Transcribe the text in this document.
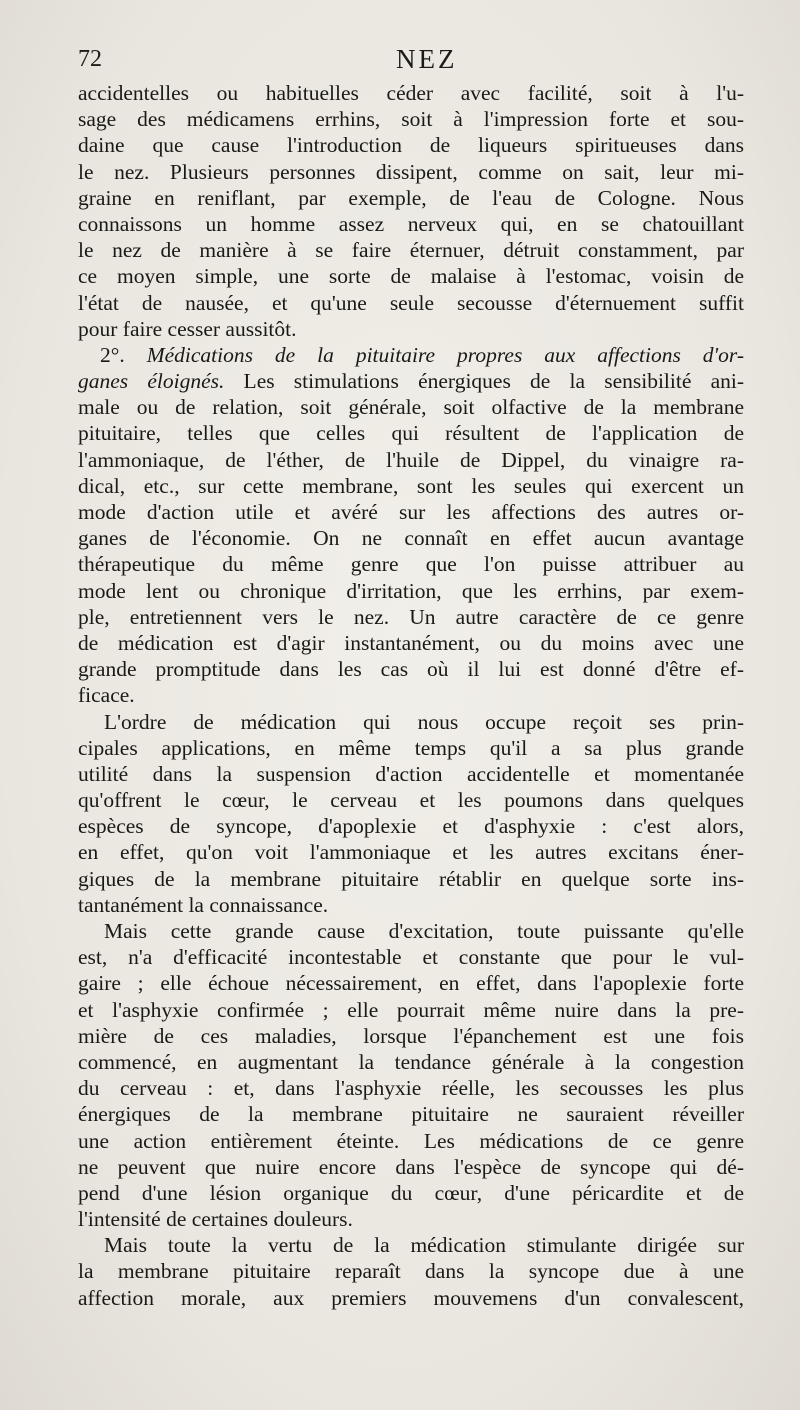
72	NEZ
accidentelles ou habituelles céder avec facilité, soit à l'u-
sage des médicamens errhins, soit à l'impression forte et sou-
daine que cause l'introduction de liqueurs spiritueuses dans
le nez. Plusieurs personnes dissipent, comme on sait, leur mi-
graine en reniflant, par exemple, de l'eau de Cologne. Nous
connaissons un homme assez nerveux qui, en se chatouillant
le nez de manière à se faire éternuer, détruit constamment, par
ce moyen simple, une sorte de malaise à l'estomac, voisin de
l'état de nausée, et qu'une seule secousse d'éternuement suffit
pour faire cesser aussitôt.
2°. Médications de la pituitaire propres aux affections d'or-
ganes éloignés. Les stimulations énergiques de la sensibilité ani-
male ou de relation, soit générale, soit olfactive de la membrane
pituitaire, telles que celles qui résultent de l'application de
l'ammoniaque, de l'éther, de l'huile de Dippel, du vinaigre ra-
dical, etc., sur cette membrane, sont les seules qui exercent un
mode d'action utile et avéré sur les affections des autres or-
ganes de l'économie. On ne connaît en effet aucun avantage
thérapeutique du même genre que l'on puisse attribuer au
mode lent ou chronique d'irritation, que les errhins, par exem-
ple, entretiennent vers le nez. Un autre caractère de ce genre
de médication est d'agir instantanément, ou du moins avec une
grande promptitude dans les cas où il lui est donné d'être ef-
ficace.
L'ordre de médication qui nous occupe reçoit ses prin-
cipales applications, en même temps qu'il a sa plus grande
utilité dans la suspension d'action accidentelle et momentanée
qu'offrent le cœur, le cerveau et les poumons dans quelques
espèces de syncope, d'apoplexie et d'asphyxie : c'est alors,
en effet, qu'on voit l'ammoniaque et les autres excitans éner-
giques de la membrane pituitaire rétablir en quelque sorte ins-
tantanément la connaissance.
Mais cette grande cause d'excitation, toute puissante qu'elle
est, n'a d'efficacité incontestable et constante que pour le vul-
gaire ; elle échoue nécessairement, en effet, dans l'apoplexie forte
et l'asphyxie confirmée ; elle pourrait même nuire dans la pre-
mière de ces maladies, lorsque l'épanchement est une fois
commencé, en augmentant la tendance générale à la congestion
du cerveau : et, dans l'asphyxie réelle, les secousses les plus
énergiques de la membrane pituitaire ne sauraient réveiller
une action entièrement éteinte. Les médications de ce genre
ne peuvent que nuire encore dans l'espèce de syncope qui dé-
pend d'une lésion organique du cœur, d'une péricardite et de
l'intensité de certaines douleurs.
Mais toute la vertu de la médication stimulante dirigée sur
la membrane pituitaire reparaît dans la syncope due à une
affection morale, aux premiers mouvemens d'un convalescent,
